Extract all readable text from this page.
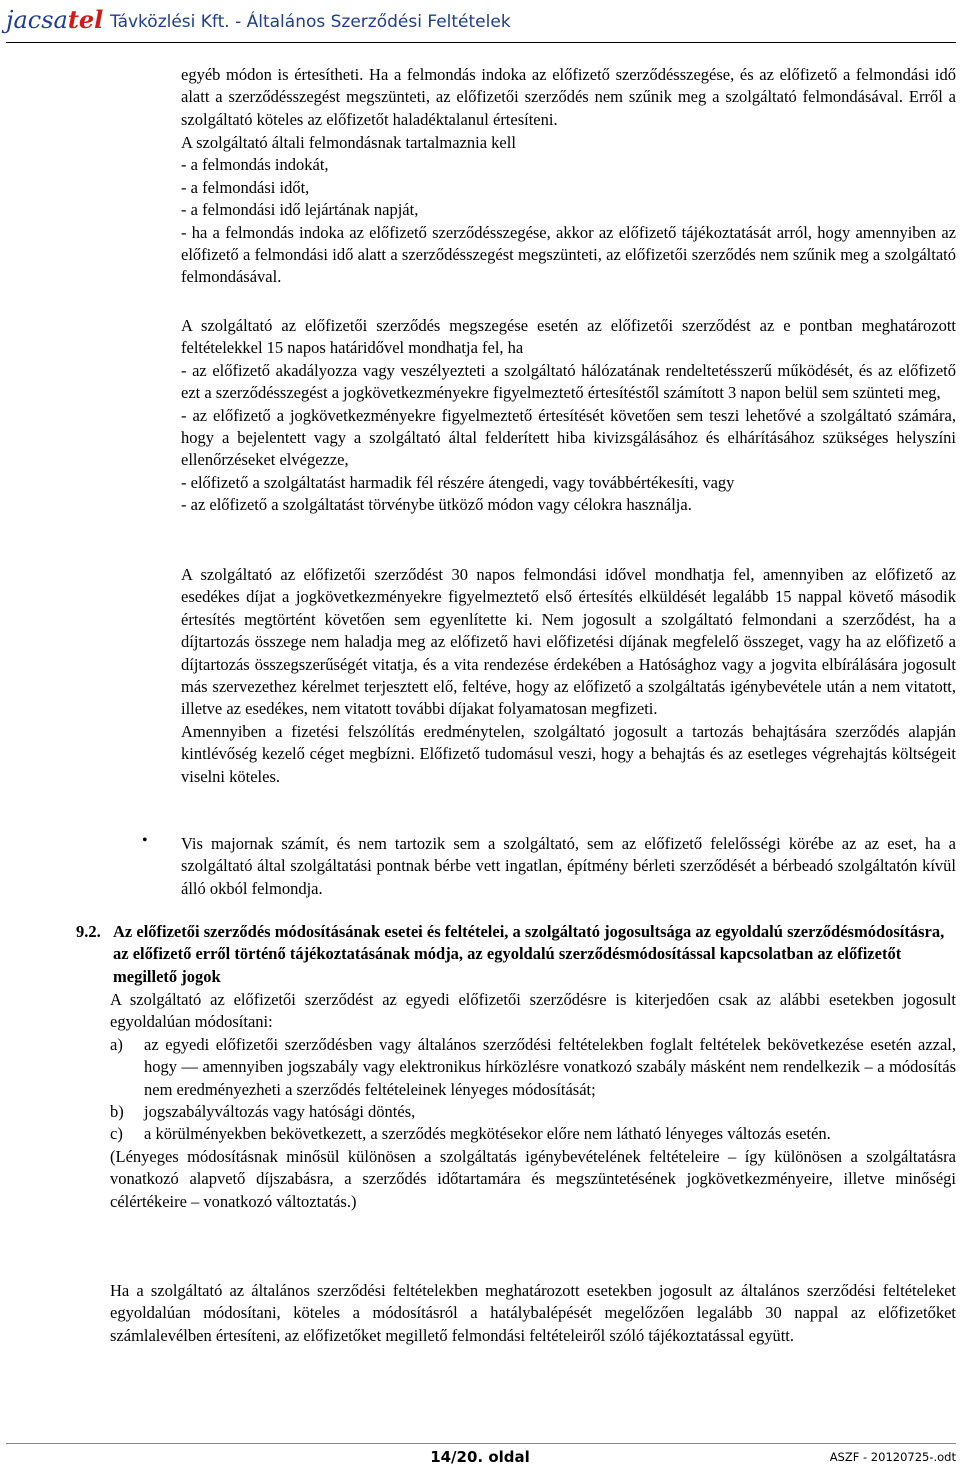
jacsatel Távközlési Kft. - Általános Szerződési Feltételek

egyéb módon is értesítheti. Ha a felmondás indoka az előfizető szerződésszegése, és az előfizető a felmondási idő alatt a szerződésszegést megszünteti, az előfizetői szerződés nem szűnik meg a szolgáltató felmondásával. Erről a szolgáltató köteles az előfizetőt haladéktalanul értesíteni.

A szolgáltató általi felmondásnak tartalmaznia kell

- a felmondás indokát,

- a felmondási időt,

- a felmondási idő lejártának napját,

- ha a felmondás indoka az előfizető szerződésszegése, akkor az előfizető tájékoztatását arról, hogy amennyiben az előfizető a felmondási idő alatt a szerződésszegést megszünteti, az előfizetői szerződés nem szűnik meg a szolgáltató felmondásával.

A szolgáltató az előfizetői szerződés megszegése esetén az előfizetői szerződést az e pontban meghatározott feltételekkel 15 napos határidővel mondhatja fel, ha

- az előfizető akadályozza vagy veszélyezteti a szolgáltató hálózatának rendeltetésszerű működését, és az előfizető ezt a szerződésszegést a jogkövetkezményekre figyelmeztető értesítéstől számított 3 napon belül sem szünteti meg,

- az előfizető a jogkövetkezményekre figyelmeztető értesítését követően sem teszi lehetővé a szolgáltató számára, hogy a bejelentett vagy a szolgáltató által felderített hiba kivizsgálásához és elhárításához szükséges helyszíni ellenőrzéseket elvégezze,

- előfizető a szolgáltatást harmadik fél részére átengedi, vagy továbbértékesíti, vagy

- az előfizető a szolgáltatást törvénybe ütköző módon vagy célokra használja.

A szolgáltató az előfizetői szerződést 30 napos felmondási idővel mondhatja fel, amennyiben az előfizető az esedékes díjat a jogkövetkezményekre figyelmeztető első értesítés elküldését legalább 15 nappal követő második értesítés megtörtént követően sem egyenlítette ki. Nem jogosult a szolgáltató felmondani a szerződést, ha a díjtartozás összege nem haladja meg az előfizető havi előfizetési díjának megfelelő összeget, vagy ha az előfizető a díjtartozás összegszerűségét vitatja, és a vita rendezése érdekében a Hatósághoz vagy a jogvita elbírálására jogosult más szervezethez kérelmet terjesztett elő, feltéve, hogy az előfizető a szolgáltatás igénybevétele után a nem vitatott, illetve az esedékes, nem vitatott további díjakat folyamatosan megfizeti.

Amennyiben a fizetési felszólítás eredménytelen, szolgáltató jogosult a tartozás behajtására szerződés alapján kintlévőség kezelő céget megbízni. Előfizető tudomásul veszi, hogy a behajtás és az esetleges végrehajtás költségeit viselni köteles.

• Vis majornak számít, és nem tartozik sem a szolgáltató, sem az előfizető felelősségi körébe az az eset, ha a szolgáltató által szolgáltatási pontnak bérbe vett ingatlan, építmény bérleti szerződését a bérbeadó szolgáltatón kívül álló okból felmondja.

9.2. Az előfizetői szerződés módosításának esetei és feltételei, a szolgáltató jogosultsága az egyoldalú szerződésmódosításra, az előfizető erről történő tájékoztatásának módja, az egyoldalú szerződésmódosítással kapcsolatban az előfizetőt megillető jogok

A szolgáltató az előfizetői szerződést az egyedi előfizetői szerződésre is kiterjedően csak az alábbi esetekben jogosult egyoldalúan módosítani:

a) az egyedi előfizetői szerződésben vagy általános szerződési feltételekben foglalt feltételek bekövetkezése esetén azzal, hogy — amennyiben jogszabály vagy elektronikus hírközlésre vonatkozó szabály másként nem rendelkezik – a módosítás nem eredményezheti a szerződés feltételeinek lényeges módosítását;

b) jogszabályváltozás vagy hatósági döntés,

c) a körülményekben bekövetkezett, a szerződés megkötésekor előre nem látható lényeges változás esetén.

(Lényeges módosításnak minősül különösen a szolgáltatás igénybevételének feltételeire – így különösen a szolgáltatásra vonatkozó alapvető díjszabásra, a szerződés időtartamára és megszüntetésének jogkövetkezményeire, illetve minőségi célértékeire – vonatkozó változtatás.)

Ha a szolgáltató az általános szerződési feltételekben meghatározott esetekben jogosult az általános szerződési feltételeket egyoldalúan módosítani, köteles a módosításról a hatálybalépését megelőzően legalább 30 nappal az előfizetőket számlalevélben értesíteni, az előfizetőket megillető felmondási feltételeiről szóló tájékoztatással együtt.

14/20. oldal	ASZF - 20120725-.odt
